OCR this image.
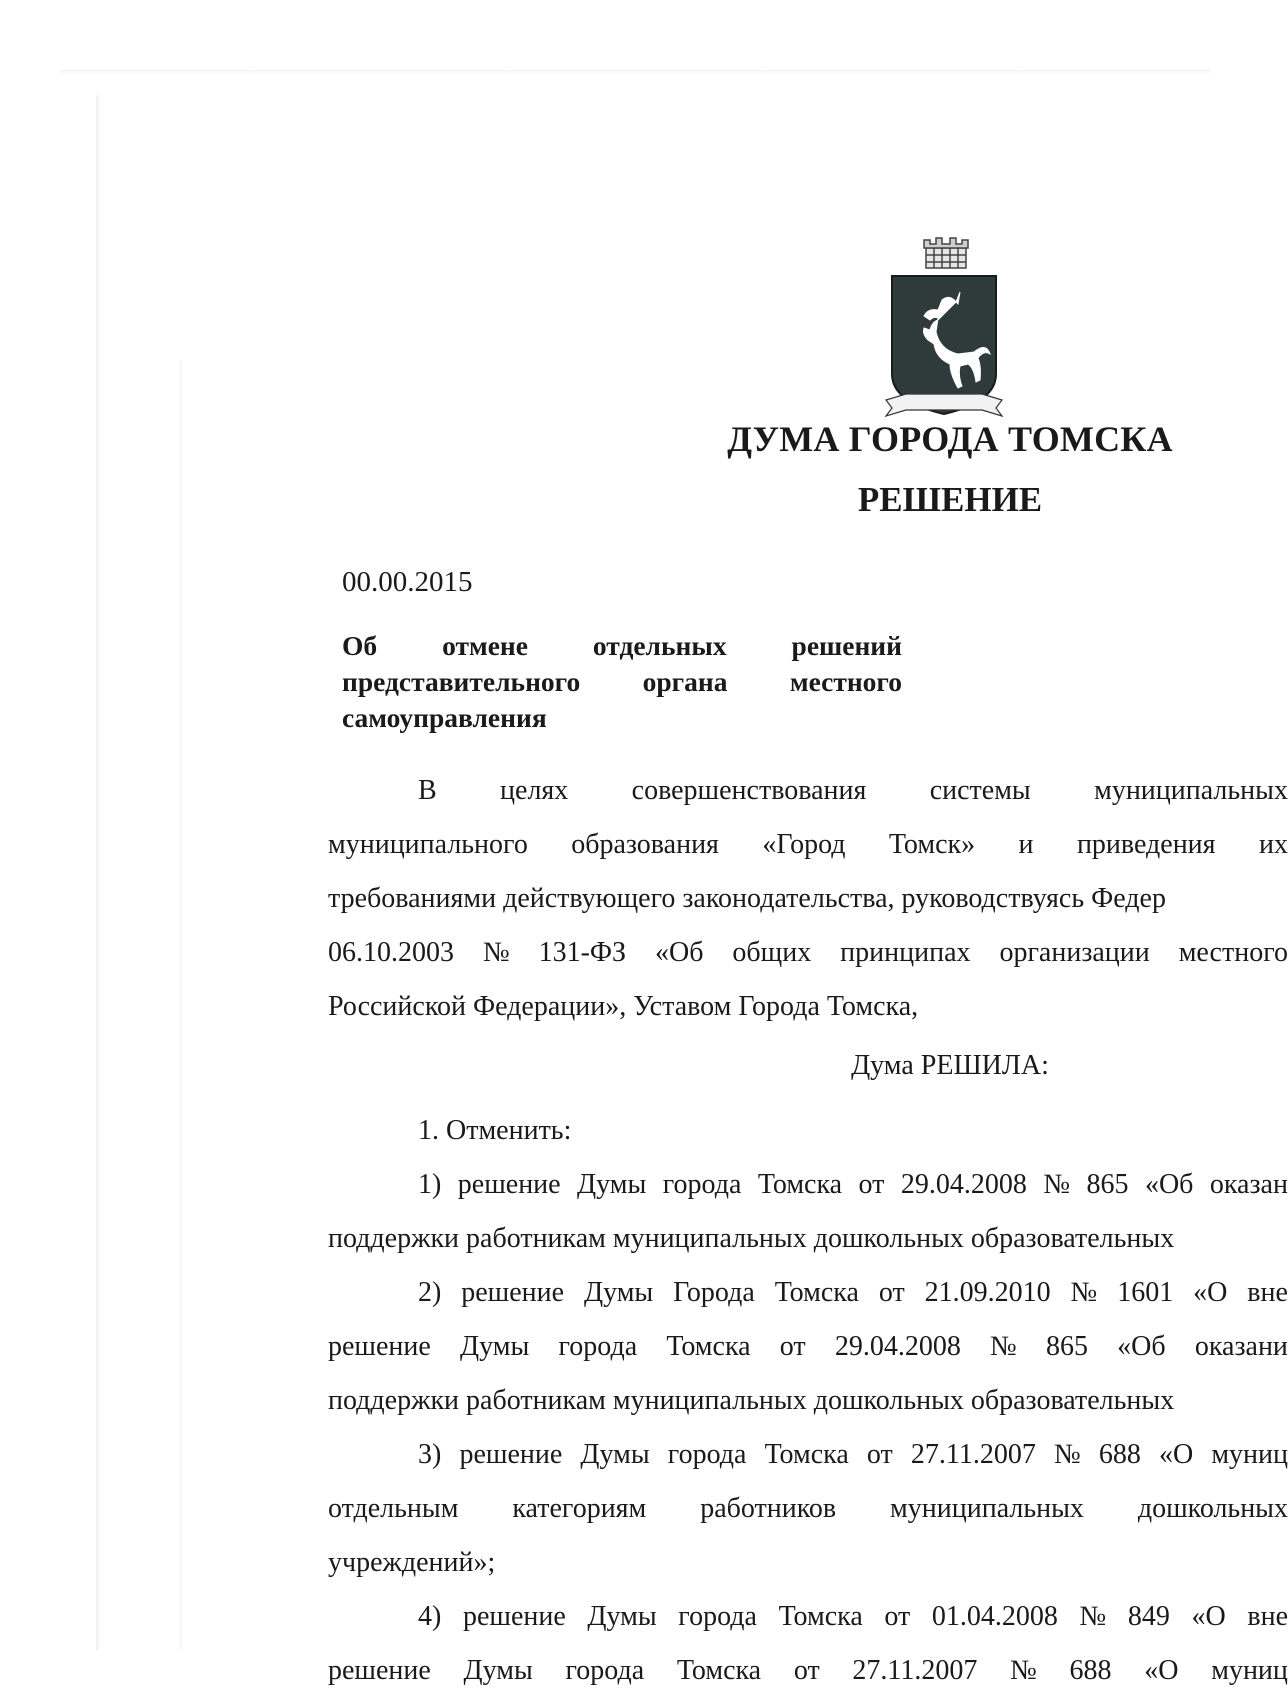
ДУМА ГОРОДА ТОМСКА
РЕШЕНИЕ
00.00.2015
Об отмене отдельных решений
представительного органа местного
самоуправления
В целях совершенствования системы муниципальных
муниципального образования «Город Томск» и приведения их
требованиями действующего законодательства, руководствуясь Федер
06.10.2003 № 131-ФЗ «Об общих принципах организации местного
Российской Федерации», Уставом Города Томска,
Дума РЕШИЛА:
1. Отменить:
1) решение Думы города Томска от 29.04.2008 № 865 «Об оказан
поддержки работникам муниципальных дошкольных образовательных
2) решение Думы Города Томска от 21.09.2010 № 1601 «О вне
решение Думы города Томска от 29.04.2008 № 865 «Об оказани
поддержки работникам муниципальных дошкольных образовательных
3) решение Думы города Томска от 27.11.2007 № 688 «О муниц
отдельным категориям работников муниципальных дошкольных
учреждений»;
4) решение Думы города Томска от 01.04.2008 № 849 «О вне
решение Думы города Томска от 27.11.2007 № 688 «О муниц
